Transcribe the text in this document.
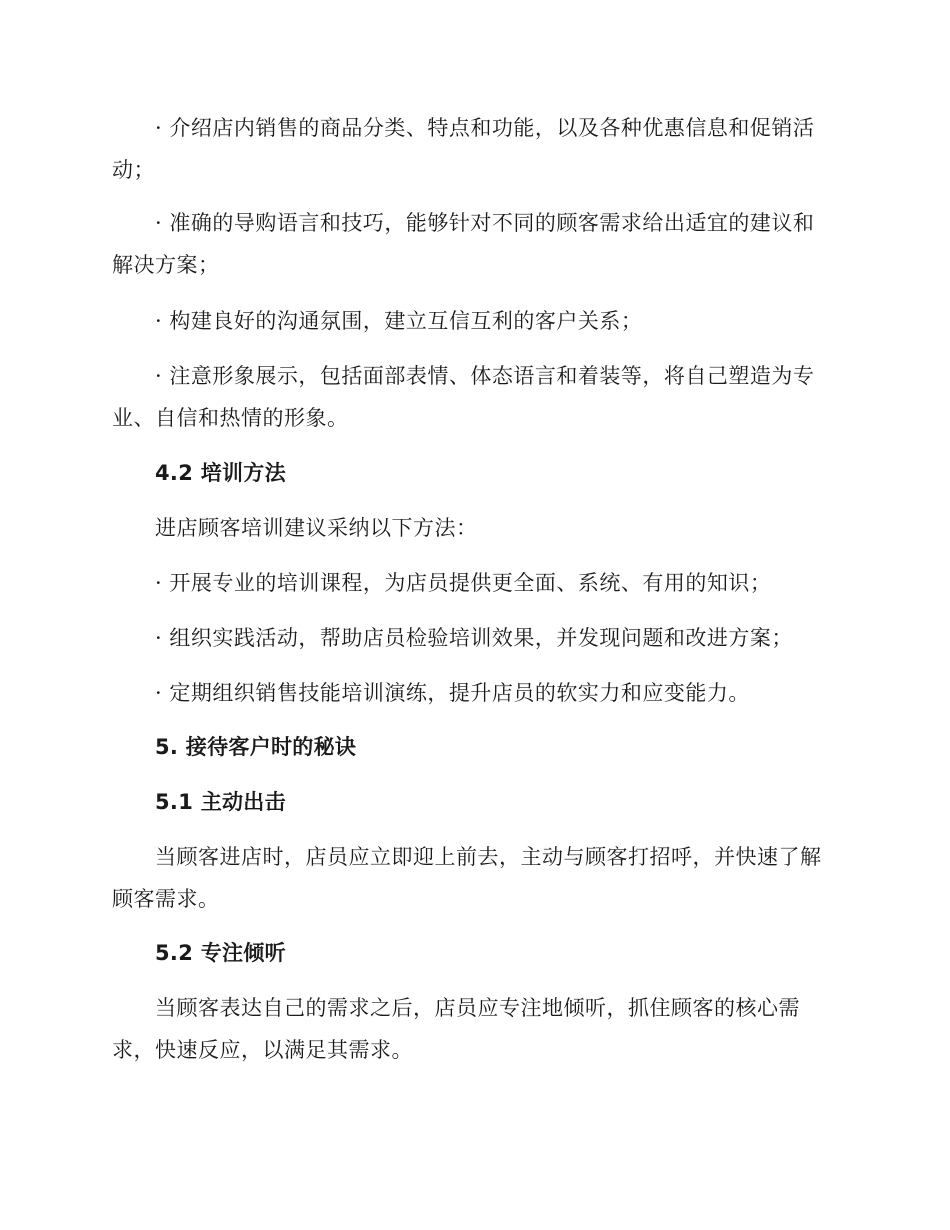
· 介绍店内销售的商品分类、特点和功能，以及各种优惠信息和促销活动；

· 准确的导购语言和技巧，能够针对不同的顾客需求给出适宜的建议和解决方案；

· 构建良好的沟通氛围，建立互信互利的客户关系；

· 注意形象展示，包括面部表情、体态语言和着装等，将自己塑造为专业、自信和热情的形象。

4.2 培训方法

进店顾客培训建议采纳以下方法：

· 开展专业的培训课程，为店员提供更全面、系统、有用的知识；

· 组织实践活动，帮助店员检验培训效果，并发现问题和改进方案；

· 定期组织销售技能培训演练，提升店员的软实力和应变能力。

5. 接待客户时的秘诀
5.1 主动出击

当顾客进店时，店员应立即迎上前去，主动与顾客打招呼，并快速了解顾客需求。

5.2 专注倾听

当顾客表达自己的需求之后，店员应专注地倾听，抓住顾客的核心需求，快速反应，以满足其需求。
